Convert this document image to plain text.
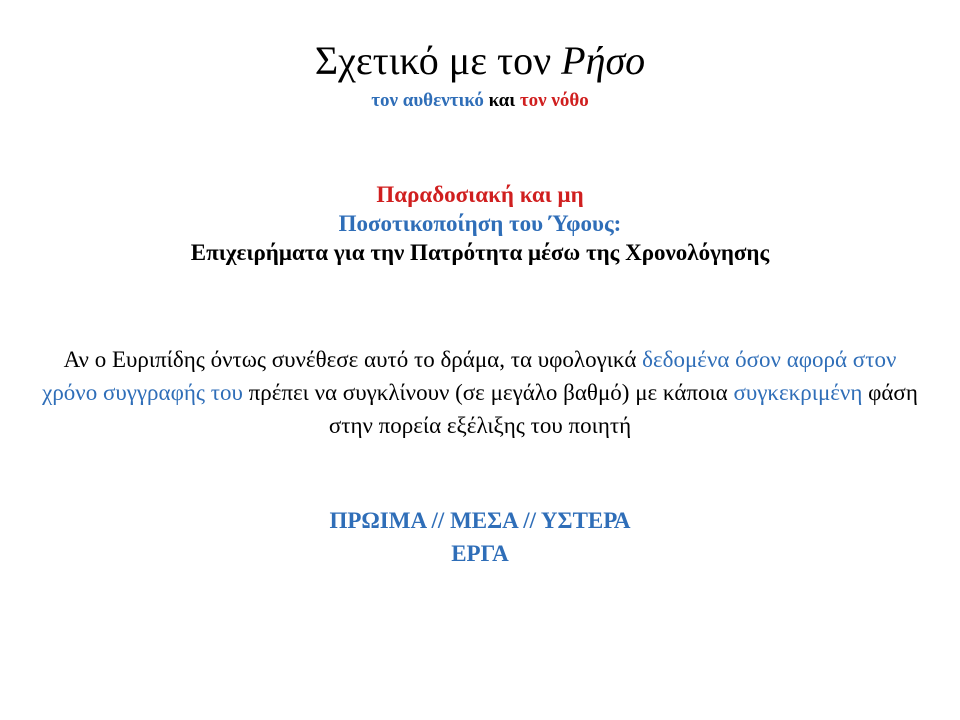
Σχετικό με τον Ρήσο
τον αυθεντικό και τον νόθο
Παραδοσιακή και μη
Ποσοτικοποίηση του Ύφους:
Επιχειρήματα για την Πατρότητα μέσω της Χρονολόγησης
Αν ο Ευριπίδης όντως συνέθεσε αυτό το δράμα, τα υφολογικά δεδομένα όσον αφορά στον χρόνο συγγραφής του πρέπει να συγκλίνουν (σε μεγάλο βαθμό) με κάποια συγκεκριμένη φάση στην πορεία εξέλιξης του ποιητή
ΠΡΩΙΜΑ // ΜΕΣΑ // ΥΣΤΕΡΑ
ΕΡΓΑ
